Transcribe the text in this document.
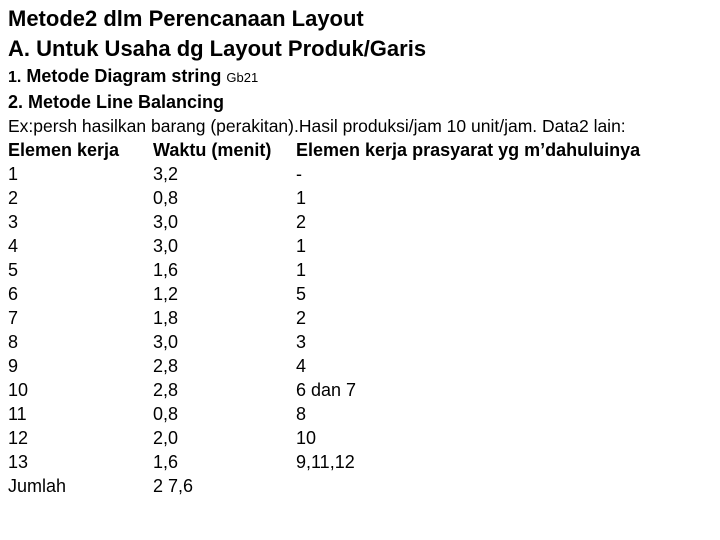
Metode2 dlm Perencanaan Layout
A. Untuk Usaha dg Layout Produk/Garis
1. Metode Diagram string Gb21
2. Metode Line Balancing
Ex:persh hasilkan barang (perakitan).Hasil produksi/jam 10 unit/jam. Data2 lain:
Elemen kerja	Waktu (menit)	Elemen kerja prasyarat yg m’dahuluinya
1	3,2	-
2	0,8	1
3	3,0	2
4	3,0	1
5	1,6	1
6	1,2	5
7	1,8	2
8	3,0	3
9	2,8	4
10	2,8	6 dan 7
11	0,8	8
12	2,0	10
13	1,6	9,11,12
Jumlah	2 7,6	
